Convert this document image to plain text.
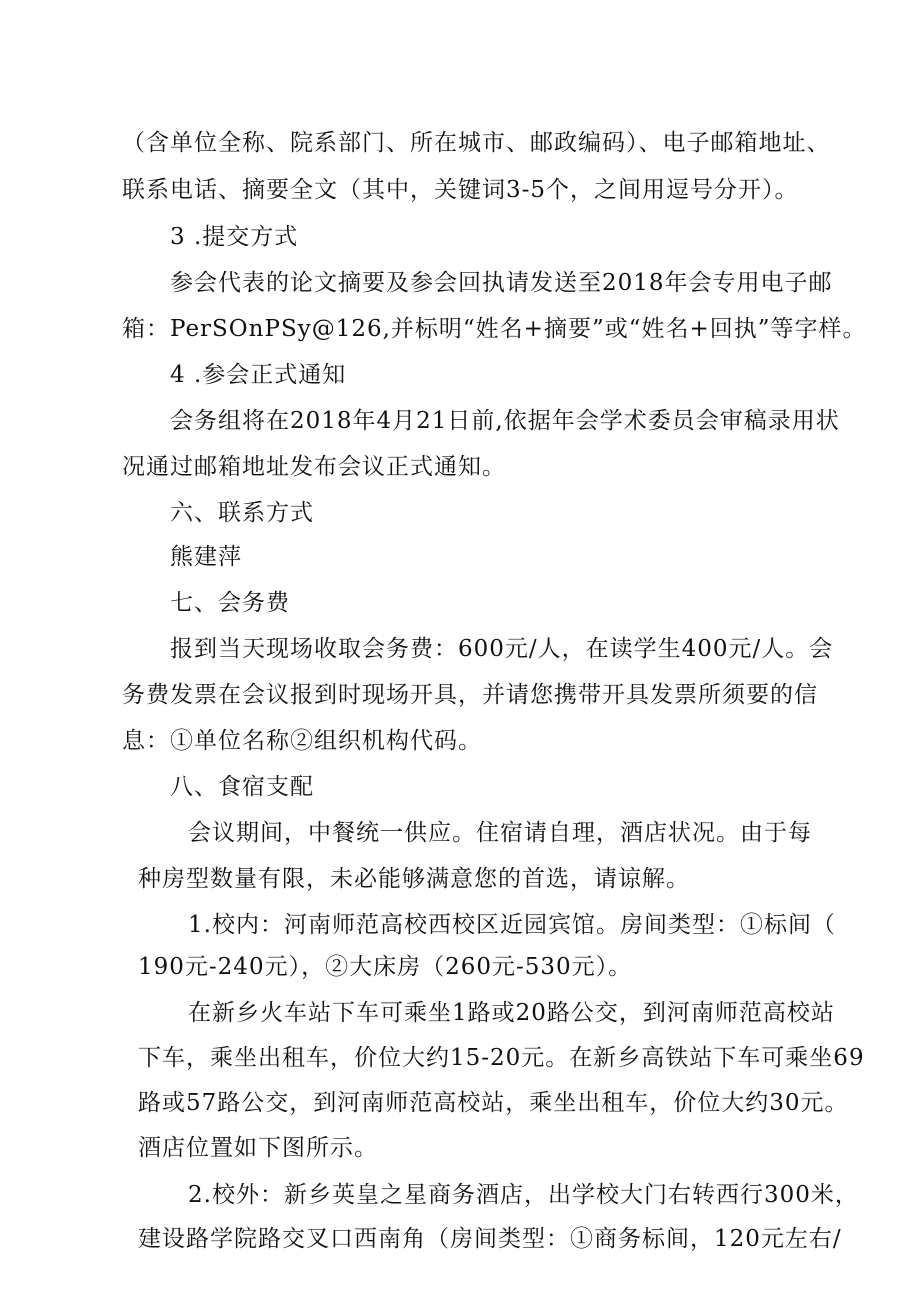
（含单位全称、院系部门、所在城市、邮政编码）、电子邮箱地址、
联系电话、摘要全文（其中，关键词3-5个，之间用逗号分开）。
3 .提交方式
参会代表的论文摘要及参会回执请发送至2018年会专用电子邮
箱：PerSOnPSy@126,并标明“姓名+摘要”或“姓名+回执”等字样。
4 .参会正式通知
会务组将在2018年4月21日前,依据年会学术委员会审稿录用状
况通过邮箱地址发布会议正式通知。
六、联系方式
熊建萍
七、会务费
报到当天现场收取会务费：600元/人，在读学生400元/人。会
务费发票在会议报到时现场开具，并请您携带开具发票所须要的信
息：①单位名称②组织机构代码。
八、食宿支配
会议期间，中餐统一供应。住宿请自理，酒店状况。由于每
种房型数量有限，未必能够满意您的首选，请谅解。
1.校内：河南师范高校西校区近园宾馆。房间类型：①标间（
190元-240元），②大床房（260元-530元）。
在新乡火车站下车可乘坐1路或20路公交，到河南师范高校站
下车，乘坐出租车，价位大约15-20元。在新乡高铁站下车可乘坐69
路或57路公交，到河南师范高校站，乘坐出租车，价位大约30元。
酒店位置如下图所示。
2.校外：新乡英皇之星商务酒店，出学校大门右转西行300米，
建设路学院路交叉口西南角（房间类型：①商务标间，120元左右/
